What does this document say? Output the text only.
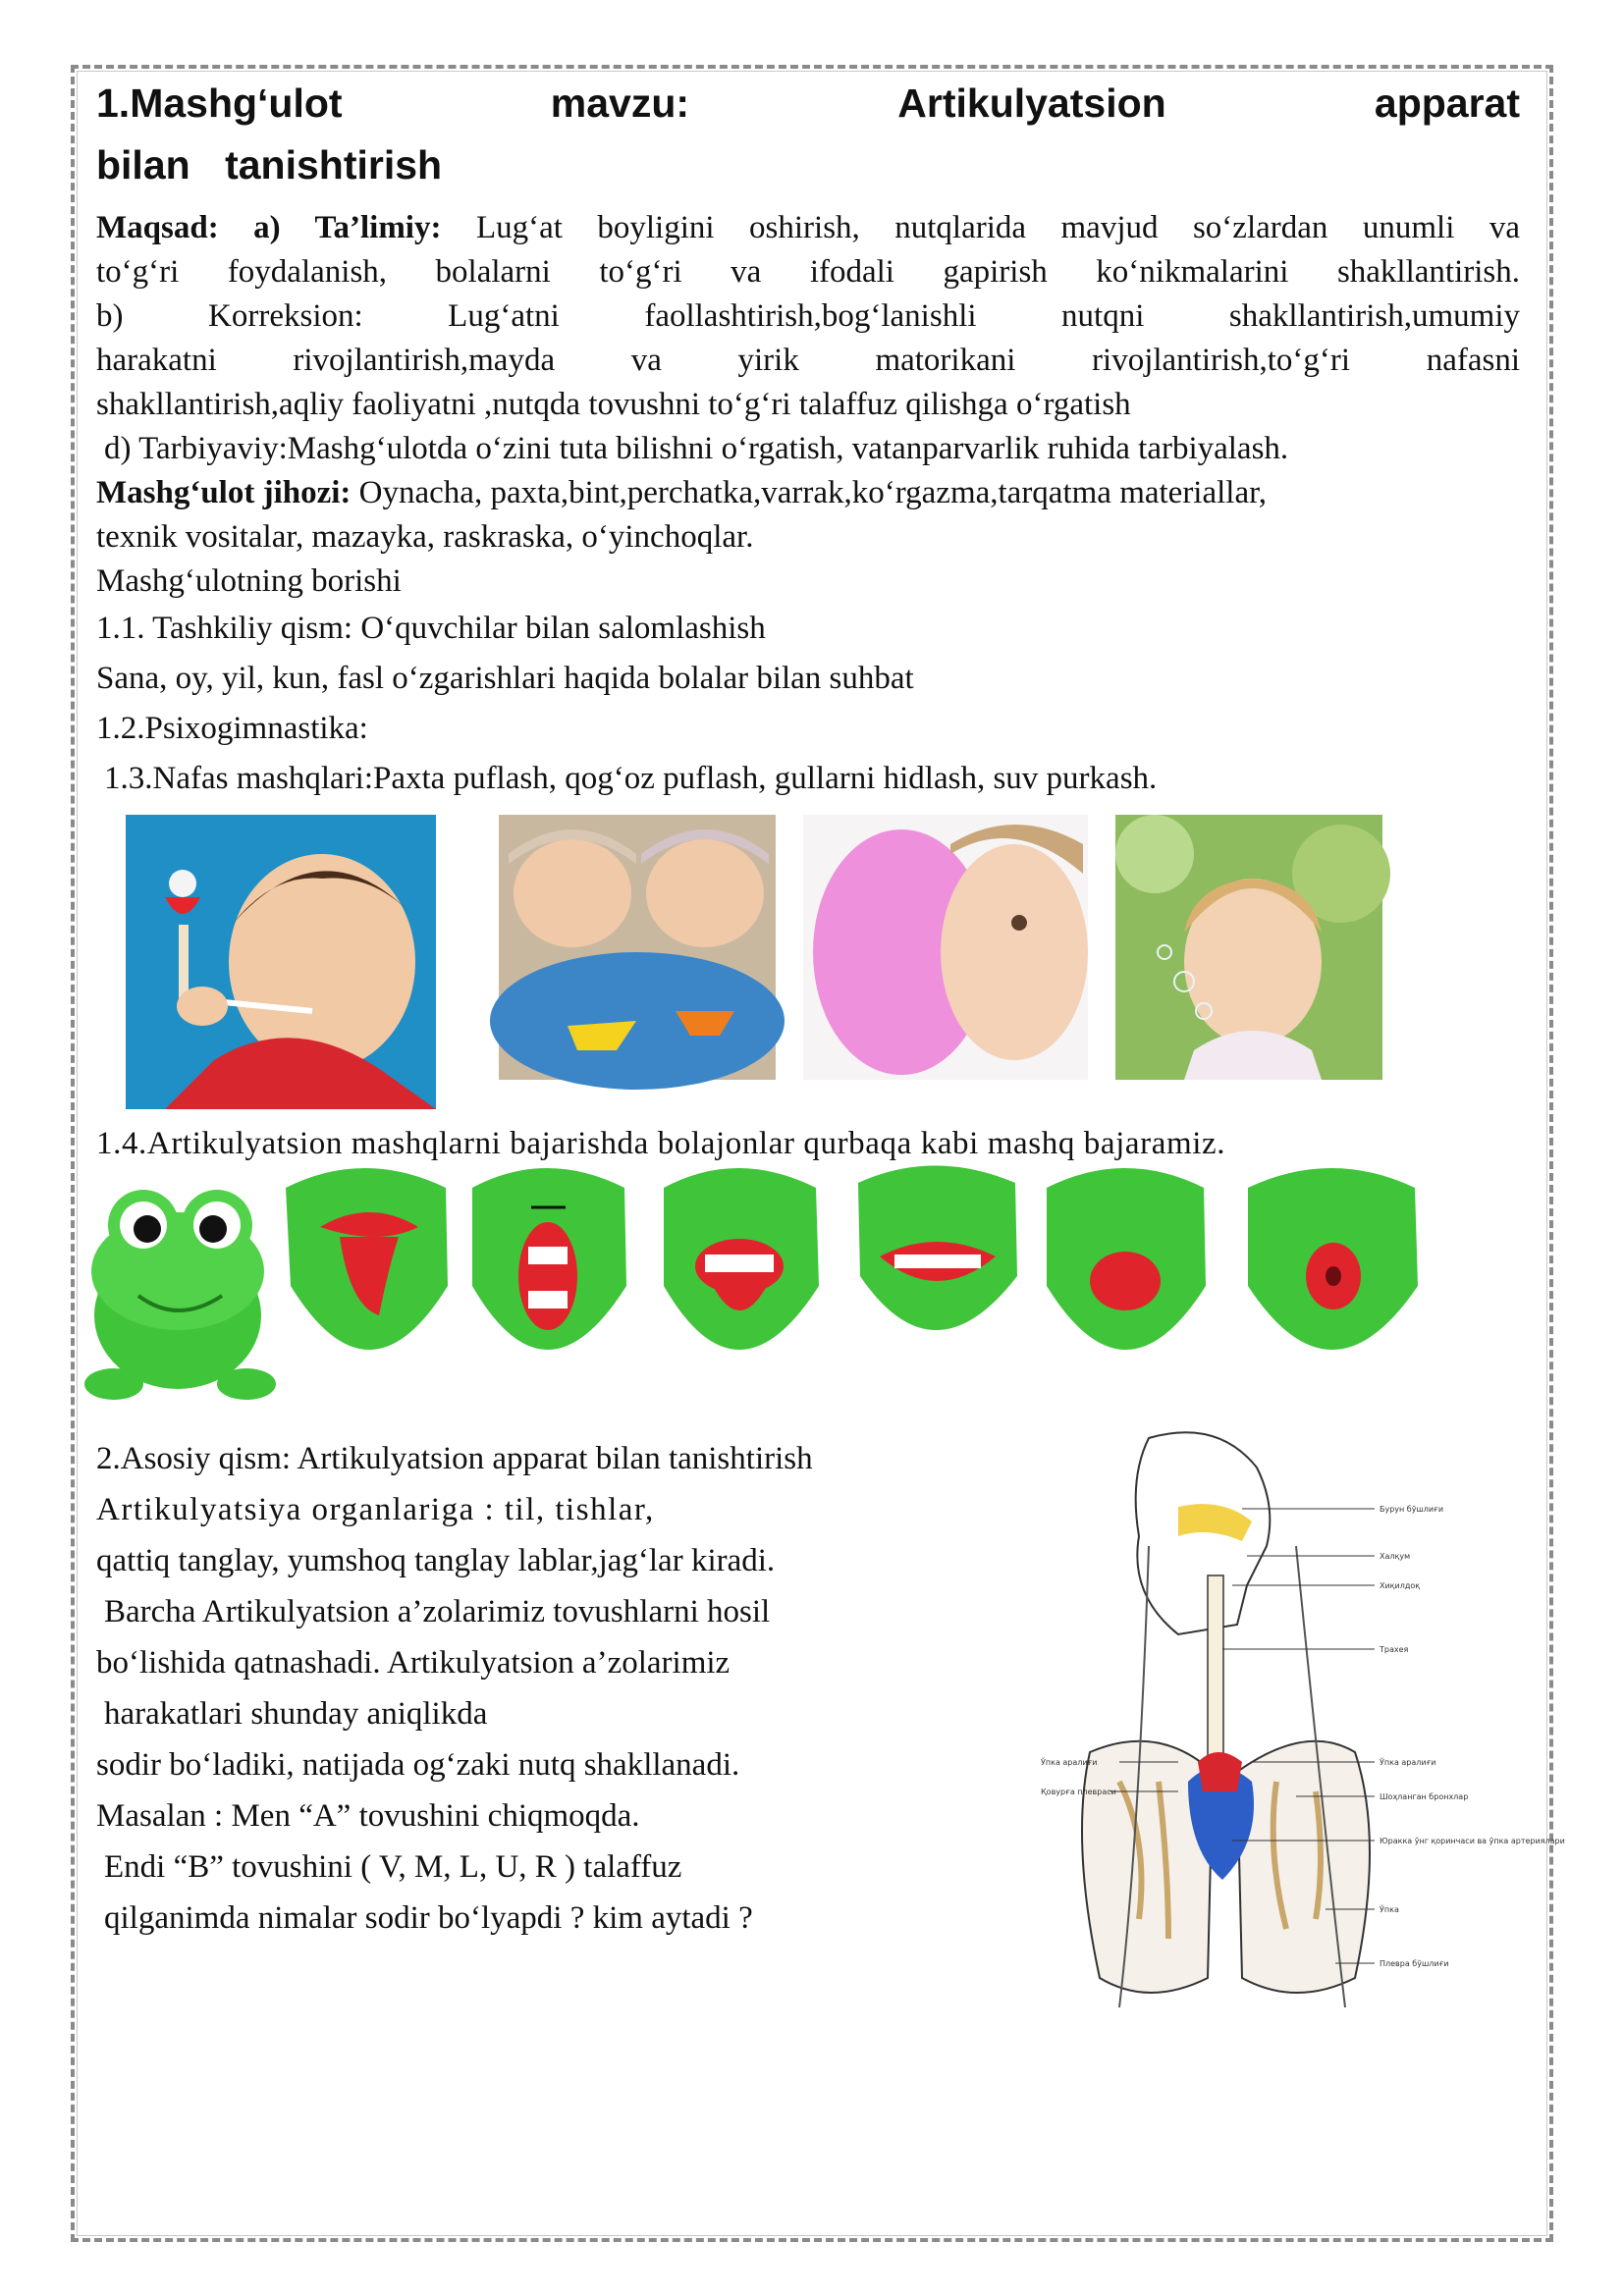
1.Mashg‘ulot	mavzu:	Artikulyatsion	apparat
bilan tanishtirish

Maqsad: a) Ta’limiy: Lug‘at boyligini oshirish, nutqlarida mavjud so‘zlardan unumli va

to‘g‘ri foydalanish, bolalarni to‘g‘ri va ifodali gapirish ko‘nikmalarini shakllantirish.

b) Korreksion: Lug‘atni faollashtirish,bog‘lanishli nutqni shakllantirish,umumiy

harakatni rivojlantirish,mayda va yirik matorikani rivojlantirish,to‘g‘ri nafasni

shakllantirish,aqliy faoliyatni ,nutqda tovushni to‘g‘ri talaffuz qilishga o‘rgatish

d) Tarbiyaviy:Mashg‘ulotda o‘zini tuta bilishni o‘rgatish, vatanparvarlik ruhida tarbiyalash.

Mashg‘ulot jihozi: Oynacha, paxta,bint,perchatka,varrak,ko‘rgazma,tarqatma materiallar,

texnik vositalar, mazayka, raskraska, o‘yinchoqlar.

Mashg‘ulotning borishi

1.1. Tashkiliy qism: O‘quvchilar bilan salomlashish

Sana, oy, yil, kun, fasl o‘zgarishlari haqida bolalar bilan suhbat

1.2.Psixogimnastika:

1.3.Nafas mashqlari:Paxta puflash, qog‘oz puflash, gullarni hidlash, suv purkash.

1.4.Artikulyatsion mashqlarni bajarishda bolajonlar qurbaqa kabi mashq bajaramiz.

2.Asosiy qism: Artikulyatsion apparat bilan tanishtirish

Artikulyatsiya organlariga : til, tishlar,

qattiq tanglay, yumshoq tanglay lablar,jag‘lar kiradi.

Barcha Artikulyatsion a’zolarimiz tovushlarni hosil

bo‘lishida qatnashadi. Artikulyatsion a’zolarimiz

harakatlari shunday aniqlikda

sodir bo‘ladiki, natijada og‘zaki nutq shakllanadi.

Masalan : Men “A” tovushini chiqmoqda.

Endi “B” tovushini ( V, M, L, U, R ) talaffuz

qilganimda nimalar sodir bo‘lyapdi ? kim aytadi ?

Бурун бўшлиғи
Халқум
Хиқилдоқ
Трахея
Ўпка аралиғи
Шоҳланган бронхлар
Юракка ўнг қоринчаси ва ўпка артериялари
Ўпка
Плевра бўшлиғи
Ўпка аралиғи
Қовурға плевраси
